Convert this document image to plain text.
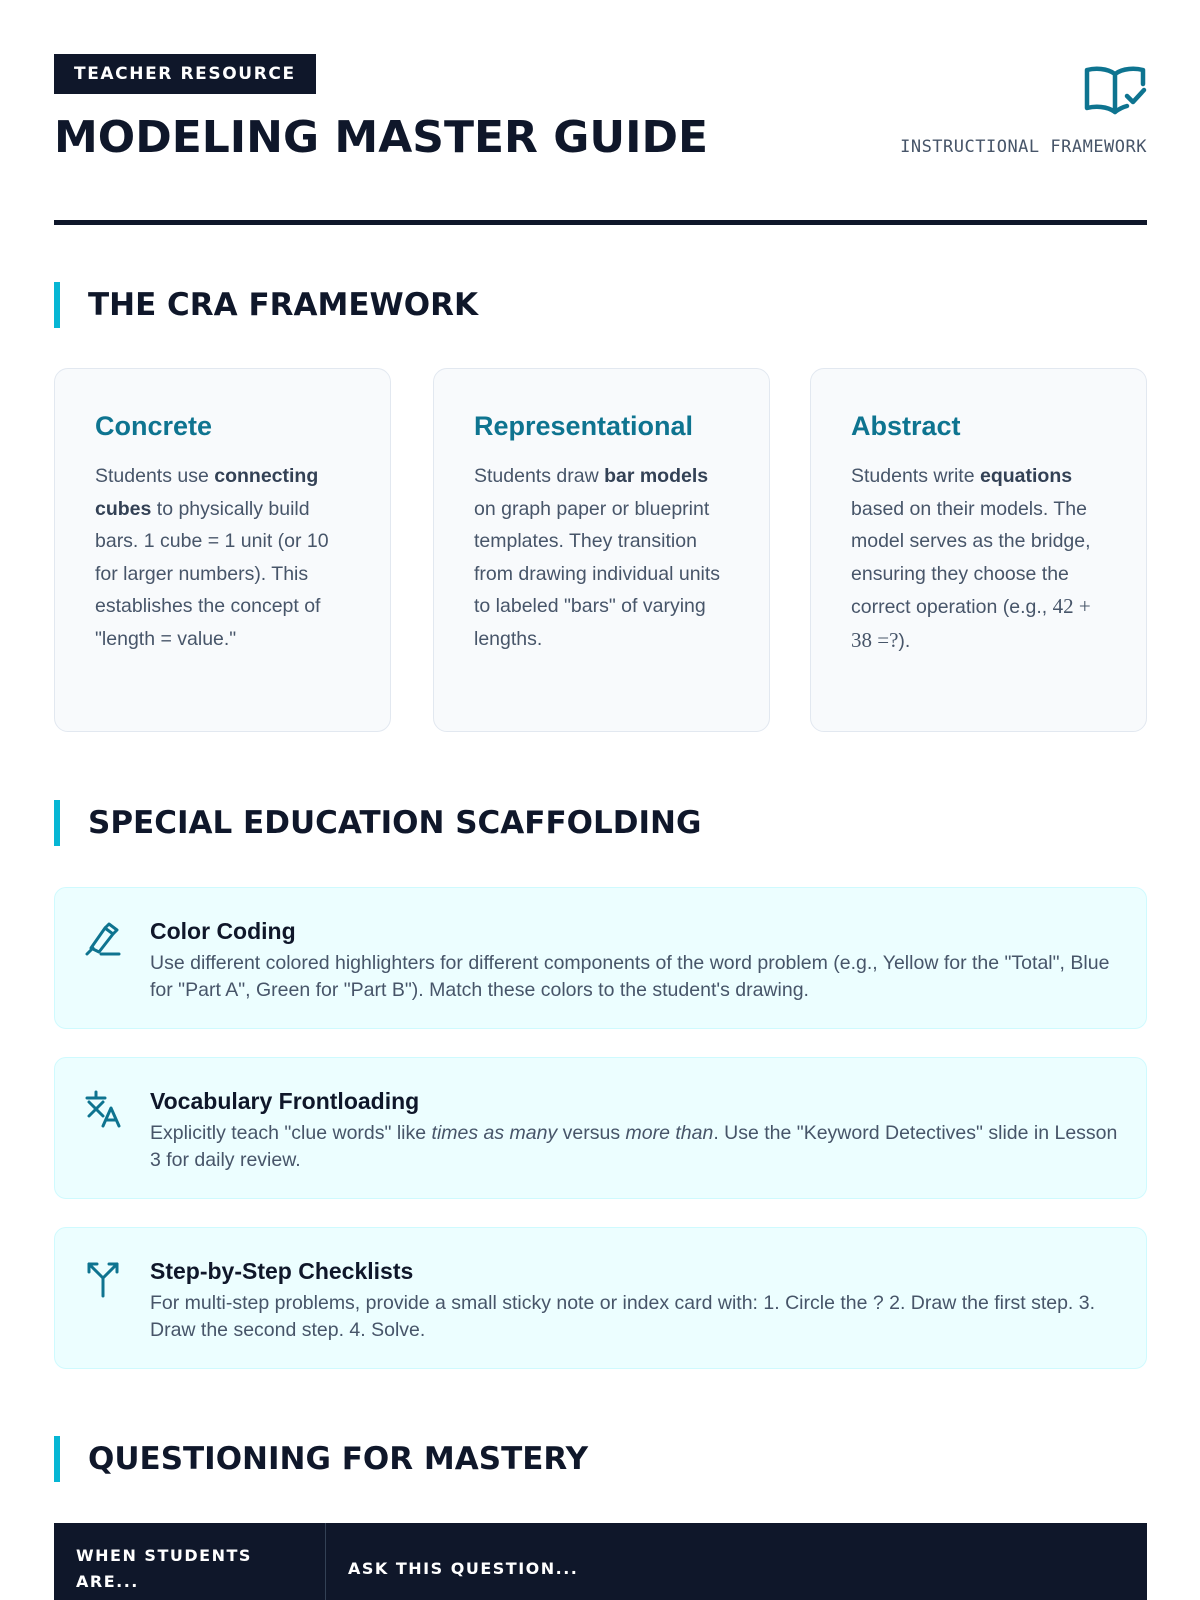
TEACHER RESOURCE
MODELING MASTER GUIDE	INSTRUCTIONAL FRAMEWORK
THE CRA FRAMEWORK
Concrete

Students use connecting cubes to physically build bars. 1 cube = 1 unit (or 10 for larger numbers). This establishes the concept of "length = value."

Representational

Students draw bar models on graph paper or blueprint templates. They transition from drawing individual units to labeled "bars" of varying lengths.

Abstract

Students write equations based on their models. The model serves as the bridge, ensuring they choose the correct operation (e.g., 42 + 38 =?).

SPECIAL EDUCATION SCAFFOLDING
Color Coding

Use different colored highlighters for different components of the word problem (e.g., Yellow for the "Total", Blue for "Part A", Green for "Part B"). Match these colors to the student's drawing.

Vocabulary Frontloading

Explicitly teach "clue words" like times as many versus more than. Use the "Keyword Detectives" slide in Lesson 3 for daily review.

Step-by-Step Checklists

For multi-step problems, provide a small sticky note or index card with: 1. Circle the ? 2. Draw the first step. 3. Draw the second step. 4. Solve.

QUESTIONING FOR MASTERY
WHEN STUDENTS ARE...
ASK THIS QUESTION...
